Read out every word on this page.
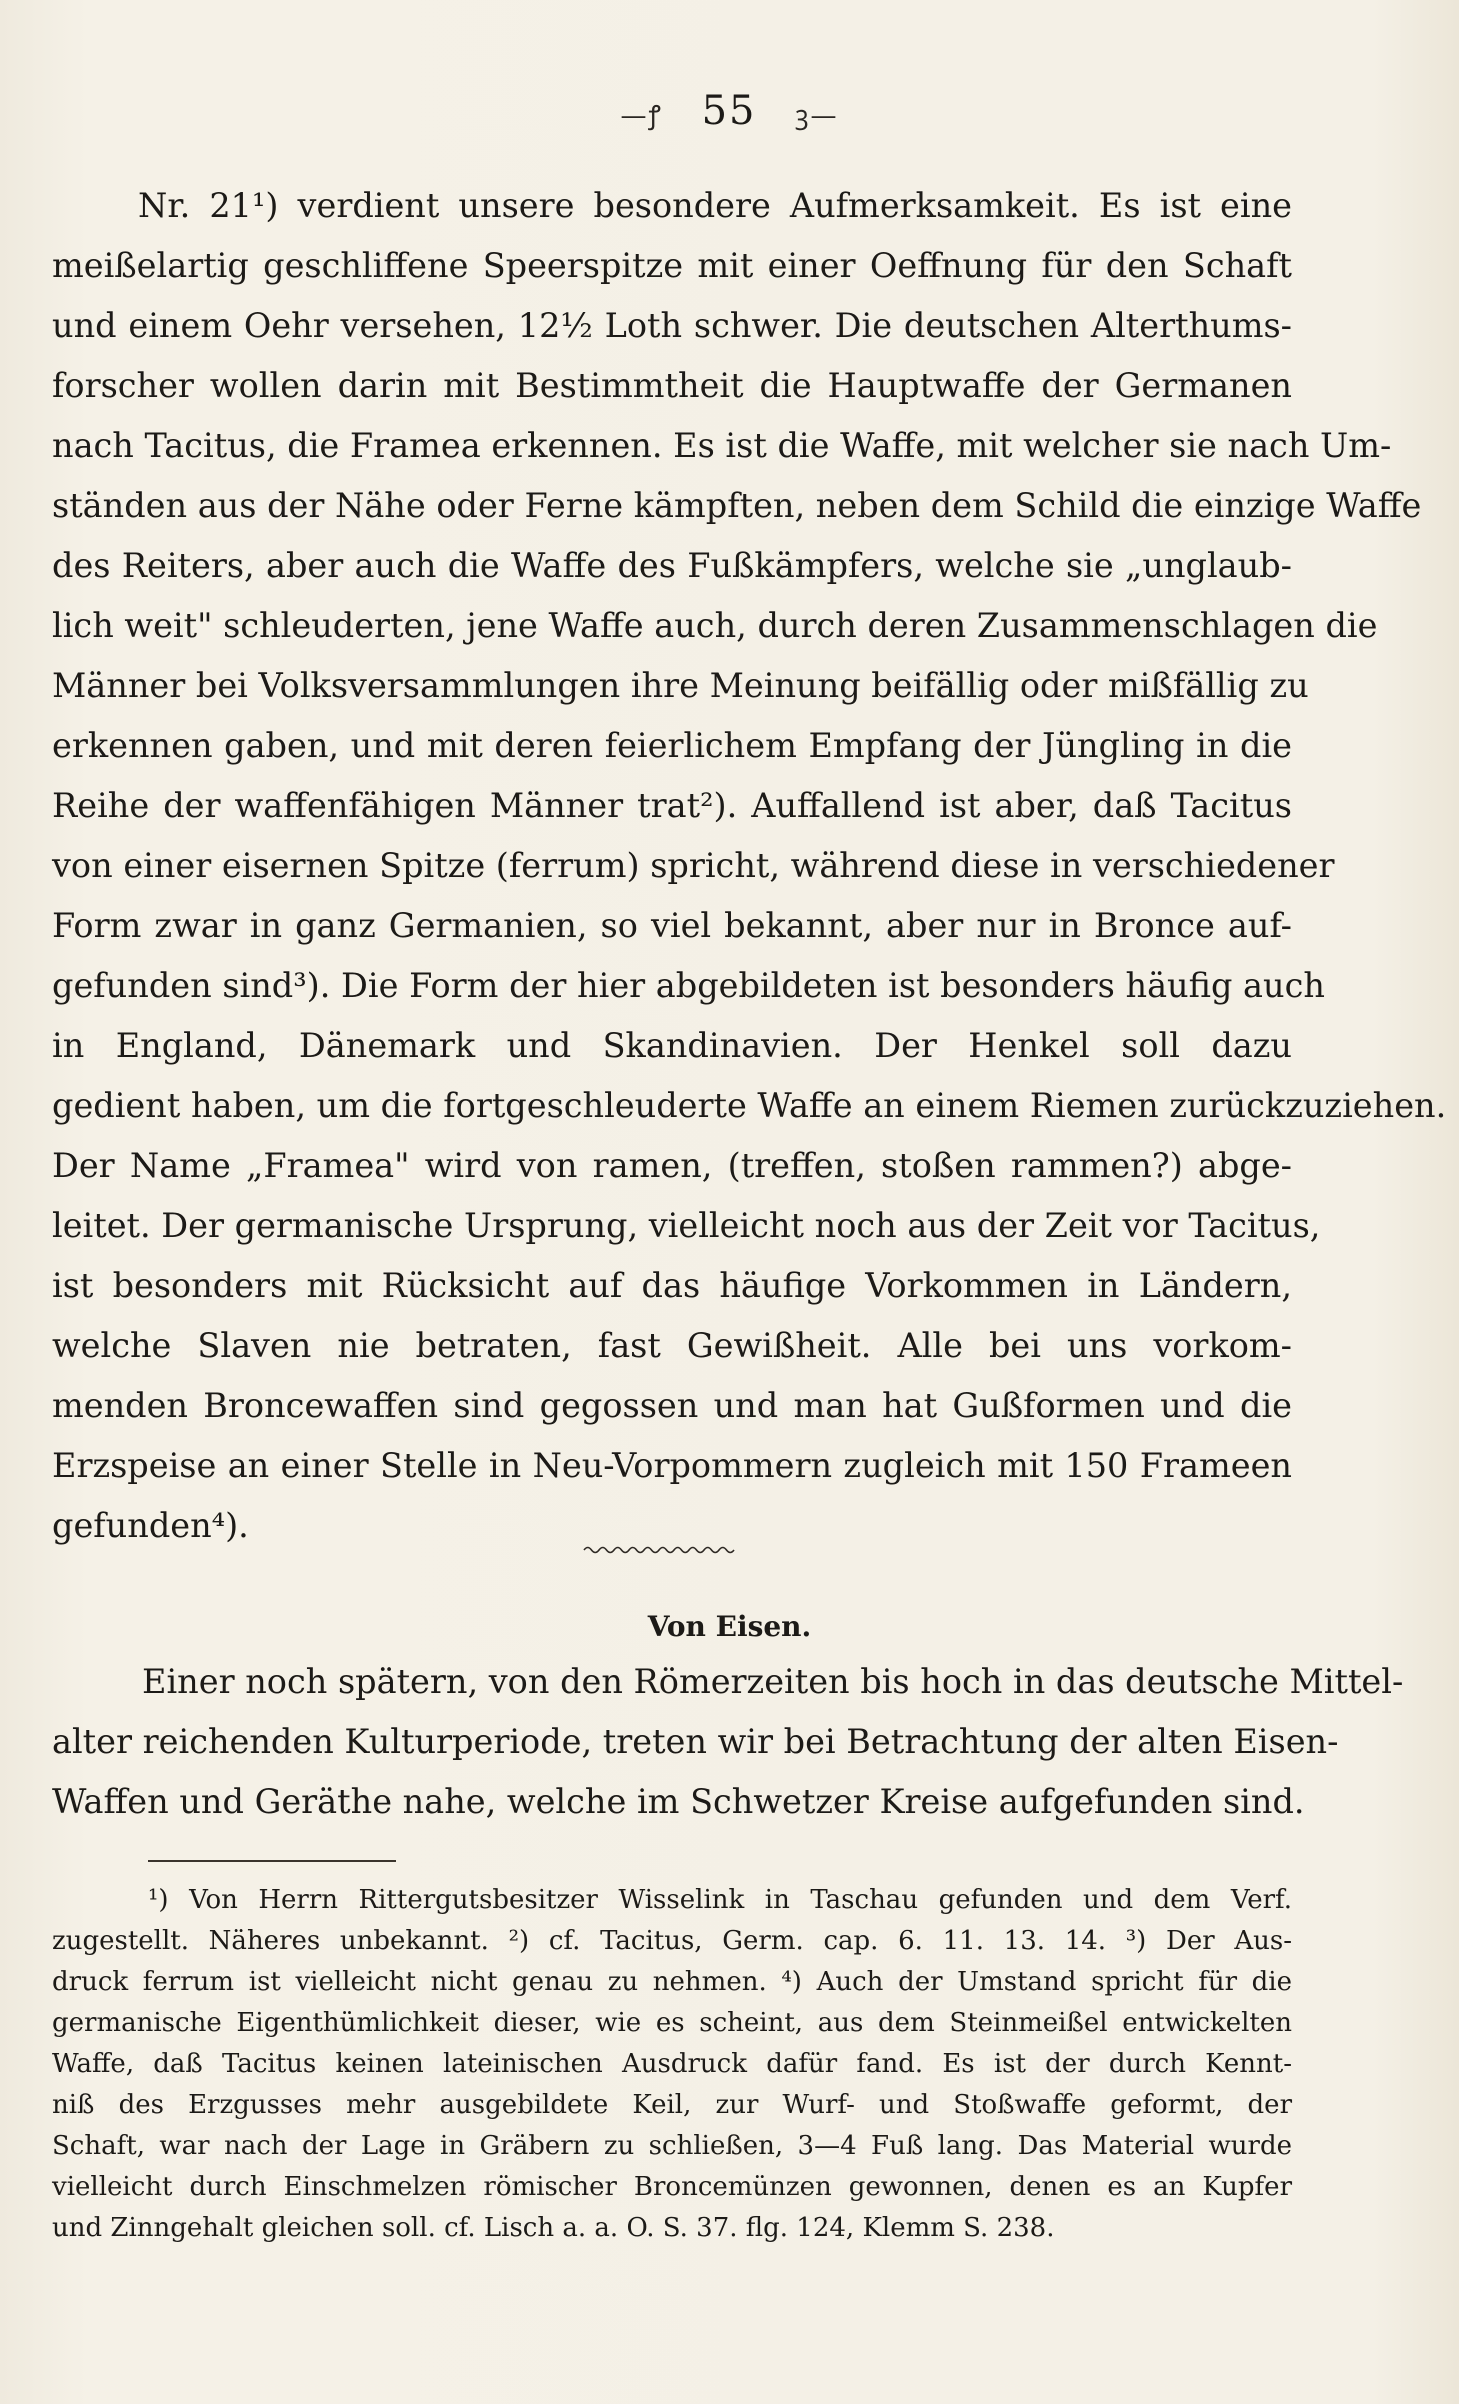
—ꝭ 55 ꝫ—
Nr. 21¹) verdient unsere besondere Aufmerksamkeit. Es ist eine
meißelartig geschliffene Speerspitze mit einer Oeffnung für den Schaft
und einem Oehr versehen, 12½ Loth schwer. Die deutschen Alterthums-
forscher wollen darin mit Bestimmtheit die Hauptwaffe der Germanen
nach Tacitus, die Framea erkennen. Es ist die Waffe, mit welcher sie nach Um-
ständen aus der Nähe oder Ferne kämpften, neben dem Schild die einzige Waffe
des Reiters, aber auch die Waffe des Fußkämpfers, welche sie „unglaub-
lich weit" schleuderten, jene Waffe auch, durch deren Zusammenschlagen die
Männer bei Volksversammlungen ihre Meinung beifällig oder mißfällig zu
erkennen gaben, und mit deren feierlichem Empfang der Jüngling in die
Reihe der waffenfähigen Männer trat²). Auffallend ist aber, daß Tacitus
von einer eisernen Spitze (ferrum) spricht, während diese in verschiedener
Form zwar in ganz Germanien, so viel bekannt, aber nur in Bronce auf-
gefunden sind³). Die Form der hier abgebildeten ist besonders häufig auch
in England, Dänemark und Skandinavien. Der Henkel soll dazu
gedient haben, um die fortgeschleuderte Waffe an einem Riemen zurückzuziehen.
Der Name „Framea" wird von ramen, (treffen, stoßen rammen?) abge-
leitet. Der germanische Ursprung, vielleicht noch aus der Zeit vor Tacitus,
ist besonders mit Rücksicht auf das häufige Vorkommen in Ländern,
welche Slaven nie betraten, fast Gewißheit. Alle bei uns vorkom-
menden Broncewaffen sind gegossen und man hat Gußformen und die
Erzspeise an einer Stelle in Neu-Vorpommern zugleich mit 150 Frameen
gefunden⁴).
Von Eisen.
Einer noch spätern, von den Römerzeiten bis hoch in das deutsche Mittel-
alter reichenden Kulturperiode, treten wir bei Betrachtung der alten Eisen-
Waffen und Geräthe nahe, welche im Schwetzer Kreise aufgefunden sind.
¹) Von Herrn Rittergutsbesitzer Wisselink in Taschau gefunden und dem Verf.
zugestellt. Näheres unbekannt. ²) cf. Tacitus, Germ. cap. 6. 11. 13. 14. ³) Der Aus-
druck ferrum ist vielleicht nicht genau zu nehmen. ⁴) Auch der Umstand spricht für die
germanische Eigenthümlichkeit dieser, wie es scheint, aus dem Steinmeißel entwickelten
Waffe, daß Tacitus keinen lateinischen Ausdruck dafür fand. Es ist der durch Kennt-
niß des Erzgusses mehr ausgebildete Keil, zur Wurf- und Stoßwaffe geformt, der
Schaft, war nach der Lage in Gräbern zu schließen, 3—4 Fuß lang. Das Material wurde
vielleicht durch Einschmelzen römischer Broncemünzen gewonnen, denen es an Kupfer
und Zinngehalt gleichen soll. cf. Lisch a. a. O. S. 37. flg. 124, Klemm S. 238.
